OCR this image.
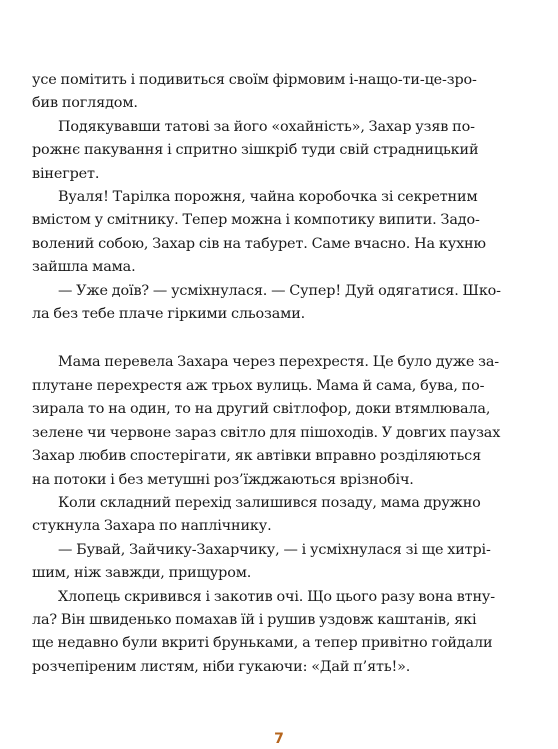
усе помітить і подивиться своїм фірмовим і-нащо-ти-це-зро-
бив поглядом.

Подякувавши татові за його «охайність», Захар узяв по-
рожнє пакування і спритно зішкріб туди свій страдницький
вінегрет.

Вуаля! Тарілка порожня, чайна коробочка зі секретним
вмістом у смітнику. Тепер можна і компотику випити. Задо-
волений собою, Захар сів на табурет. Саме вчасно. На кухню
зайшла мама.

— Уже доїв? — усміхнулася. — Супер! Дуй одягатися. Шко-
ла без тебе плаче гіркими сльозами.

Мама перевела Захара через перехрестя. Це було дуже за-
плутане перехрестя аж трьох вулиць. Мама й сама, бува, по-
зирала то на один, то на другий світлофор, доки втямлювала,
зелене чи червоне зараз світло для пішоходів. У довгих паузах
Захар любив спостерігати, як автівки вправно розділяються
на потоки і без метушні роз’їжджаються врізнобіч.

Коли складний перехід залишився позаду, мама дружно
стукнула Захара по наплічнику.

— Бувай, Зайчику-Захарчику, — і усміхнулася зі ще хитрі-
шим, ніж завжди, прищуром.

Хлопець скривився і закотив очі. Що цього разу вона втну-
ла? Він швиденько помахав їй і рушив уздовж каштанів, які
ще недавно були вкриті бруньками, а тепер привітно гойдали
розчепіреним листям, ніби гукаючи: «Дай п’ять!».

7
